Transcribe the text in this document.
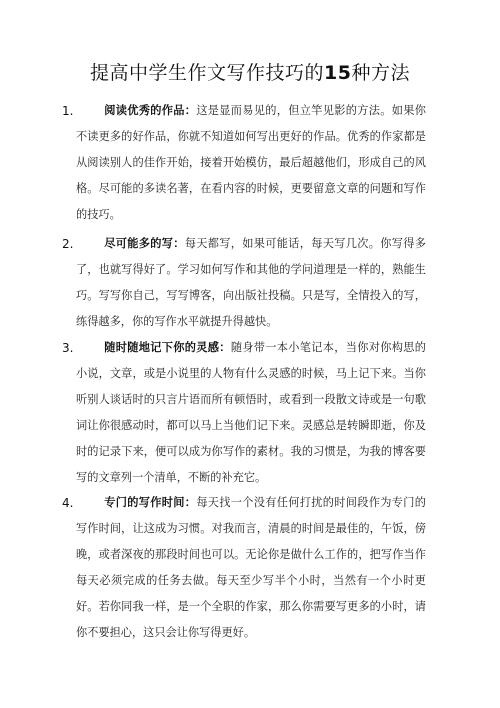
提高中学生作文写作技巧的15种方法
1.	阅读优秀的作品：这是显而易见的，但立竿见影的方法。如果你不读更多的好作品，你就不知道如何写出更好的作品。优秀的作家都是从阅读别人的佳作开始，接着开始模仿，最后超越他们，形成自己的风格。尽可能的多读名著，在看内容的时候，更要留意文章的问题和写作的技巧。
2.	尽可能多的写：每天都写，如果可能话，每天写几次。你写得多了，也就写得好了。学习如何写作和其他的学问道理是一样的，熟能生巧。写写你自己，写写博客，向出版社投稿。只是写，全情投入的写，练得越多，你的写作水平就提升得越快。
3.	随时随地记下你的灵感：随身带一本小笔记本，当你对你构思的小说，文章，或是小说里的人物有什么灵感的时候，马上记下来。当你听别人谈话时的只言片语而所有顿悟时，或看到一段散文诗或是一句歌词让你很感动时，都可以马上当他们记下来。灵感总是转瞬即逝，你及时的记录下来，便可以成为你写作的素材。我的习惯是，为我的博客要写的文章列一个清单，不断的补充它。
4.	专门的写作时间：每天找一个没有任何打扰的时间段作为专门的写作时间，让这成为习惯。对我而言，清晨的时间是最佳的，午饭，傍晚，或者深夜的那段时间也可以。无论你是做什么工作的，把写作当作每天必须完成的任务去做。每天至少写半个小时，当然有一个小时更好。若你同我一样，是一个全职的作家，那么你需要写更多的小时，请你不要担心，这只会让你写得更好。
